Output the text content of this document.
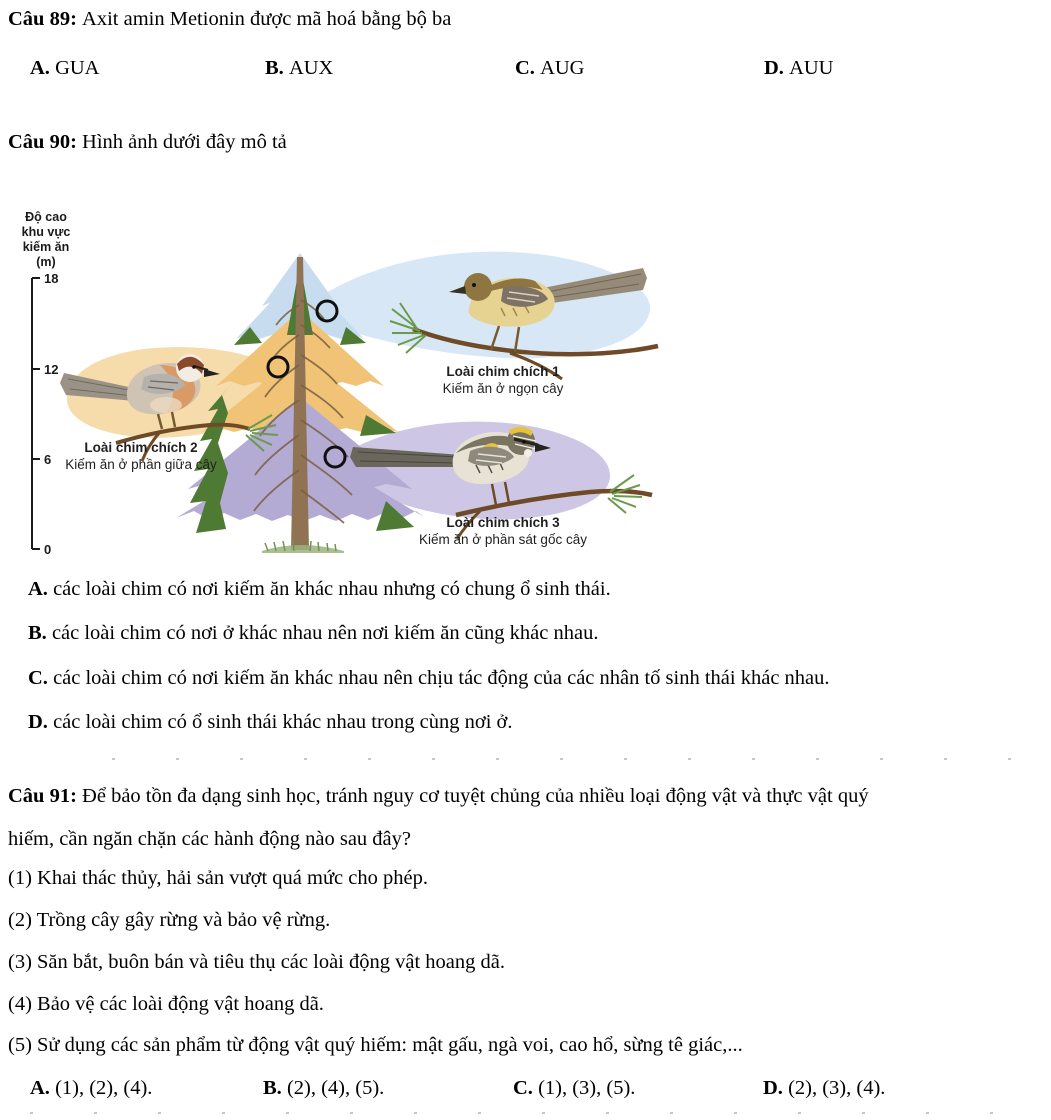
Câu 89: Axit amin Metionin được mã hoá bằng bộ ba
A. GUA	B. AUX	C. AUG	D. AUU
Câu 90: Hình ảnh dưới đây mô tả
Độ cao
khu vực
kiếm ăn
(m)
18
12
6
0
Loài chim chích 1
Kiếm ăn ở ngọn cây
Loài chim chích 2
Kiếm ăn ở phần giữa cây
Loài chim chích 3
Kiếm ăn ở phần sát gốc cây
A. các loài chim có nơi kiếm ăn khác nhau nhưng có chung ổ sinh thái.
B. các loài chim có nơi ở khác nhau nên nơi kiếm ăn cũng khác nhau.
C. các loài chim có nơi kiếm ăn khác nhau nên chịu tác động của các nhân tố sinh thái khác nhau.
D. các loài chim có ổ sinh thái khác nhau trong cùng nơi ở.
Câu 91: Để bảo tồn đa dạng sinh học, tránh nguy cơ tuyệt chủng của nhiều loại động vật và thực vật quý
hiếm, cần ngăn chặn các hành động nào sau đây?
(1) Khai thác thủy, hải sản vượt quá mức cho phép.
(2) Trồng cây gây rừng và bảo vệ rừng.
(3) Săn bắt, buôn bán và tiêu thụ các loài động vật hoang dã.
(4) Bảo vệ các loài động vật hoang dã.
(5) Sử dụng các sản phẩm từ động vật quý hiếm: mật gấu, ngà voi, cao hổ, sừng tê giác,...
A. (1), (2), (4).	B. (2), (4), (5).	C. (1), (3), (5).	D. (2), (3), (4).
